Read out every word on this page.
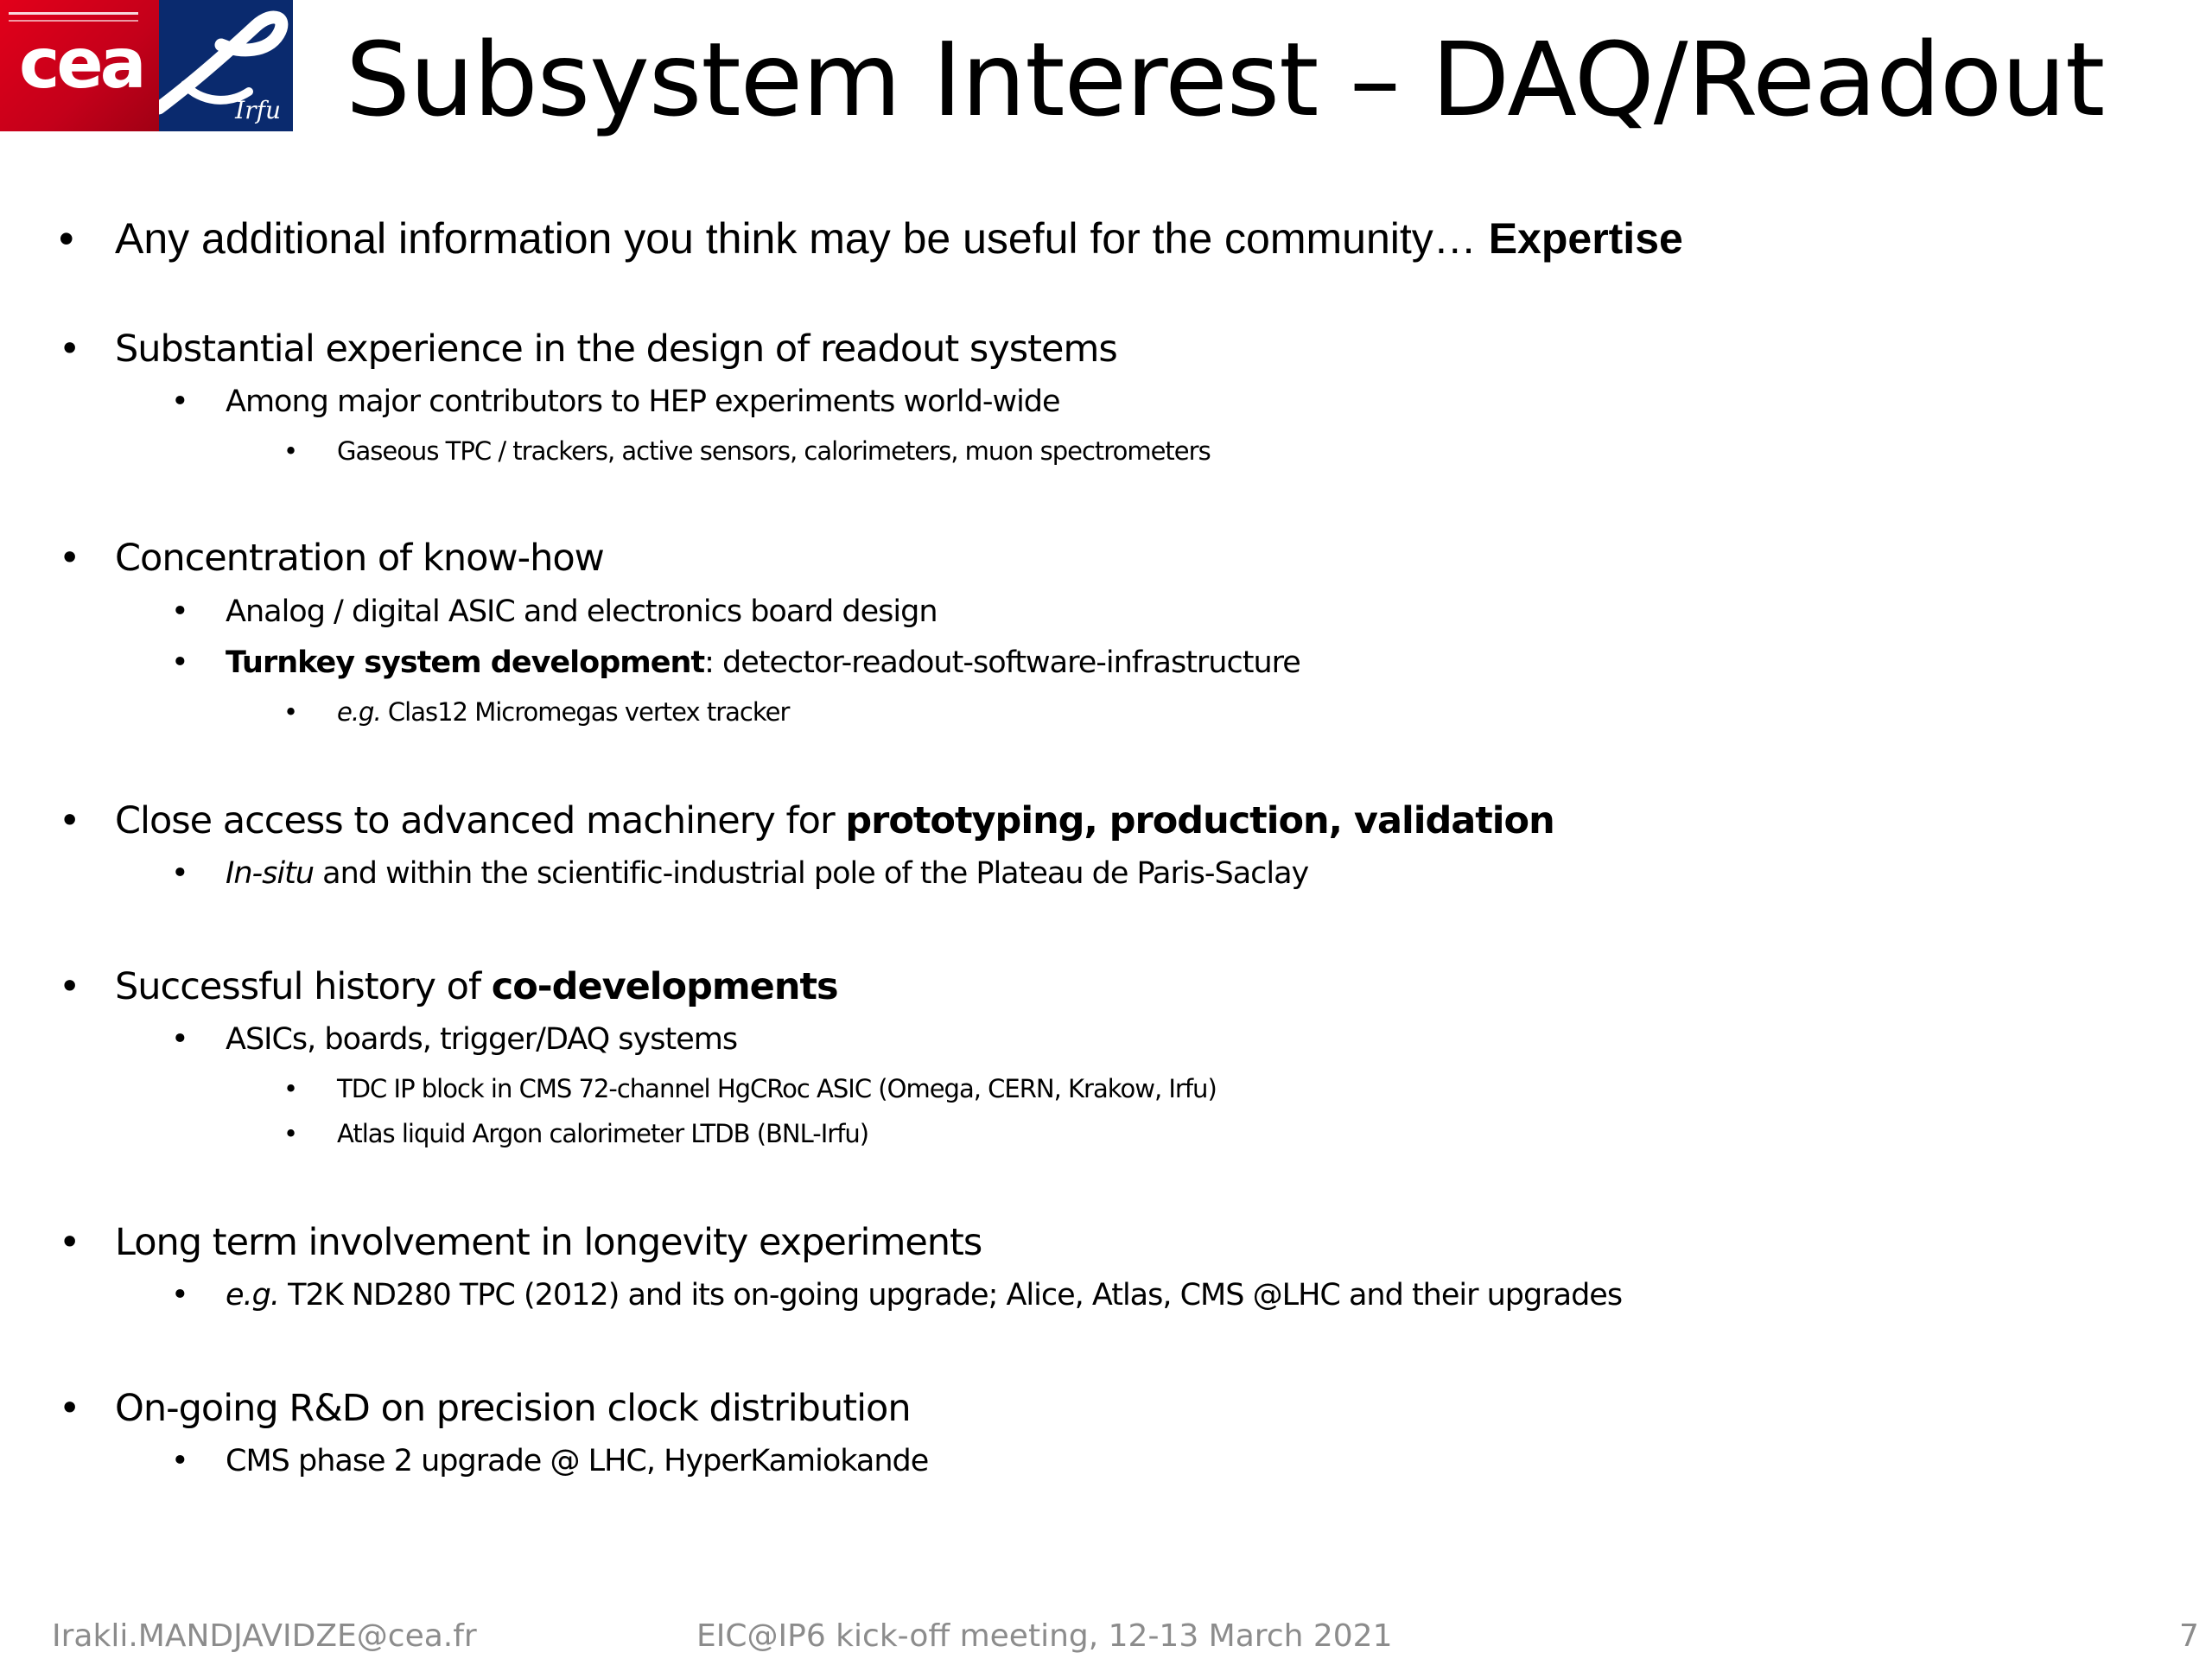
cea
Irfu Subsystem Interest – DAQ/Readout
• Any additional information you think may be useful for the community… Expertise
• Substantial experience in the design of readout systems
• Among major contributors to HEP experiments world-wide
• Gaseous TPC / trackers, active sensors, calorimeters, muon spectrometers
• Concentration of know-how
• Analog / digital ASIC and electronics board design
• Turnkey system development: detector-readout-software-infrastructure
• e.g. Clas12 Micromegas vertex tracker
• Close access to advanced machinery for prototyping, production, validation
• In-situ and within the scientific-industrial pole of the Plateau de Paris-Saclay
• Successful history of co-developments
• ASICs, boards, trigger/DAQ systems
• TDC IP block in CMS 72-channel HgCRoc ASIC (Omega, CERN, Krakow, Irfu)
• Atlas liquid Argon calorimeter LTDB (BNL-Irfu)
• Long term involvement in longevity experiments
• e.g. T2K ND280 TPC (2012) and its on-going upgrade; Alice, Atlas, CMS @LHC and their upgrades
• On-going R&D on precision clock distribution
• CMS phase 2 upgrade @ LHC, HyperKamiokande
Irakli.MANDJAVIDZE@cea.fr	EIC@IP6 kick-off meeting, 12-13 March 2021	7
